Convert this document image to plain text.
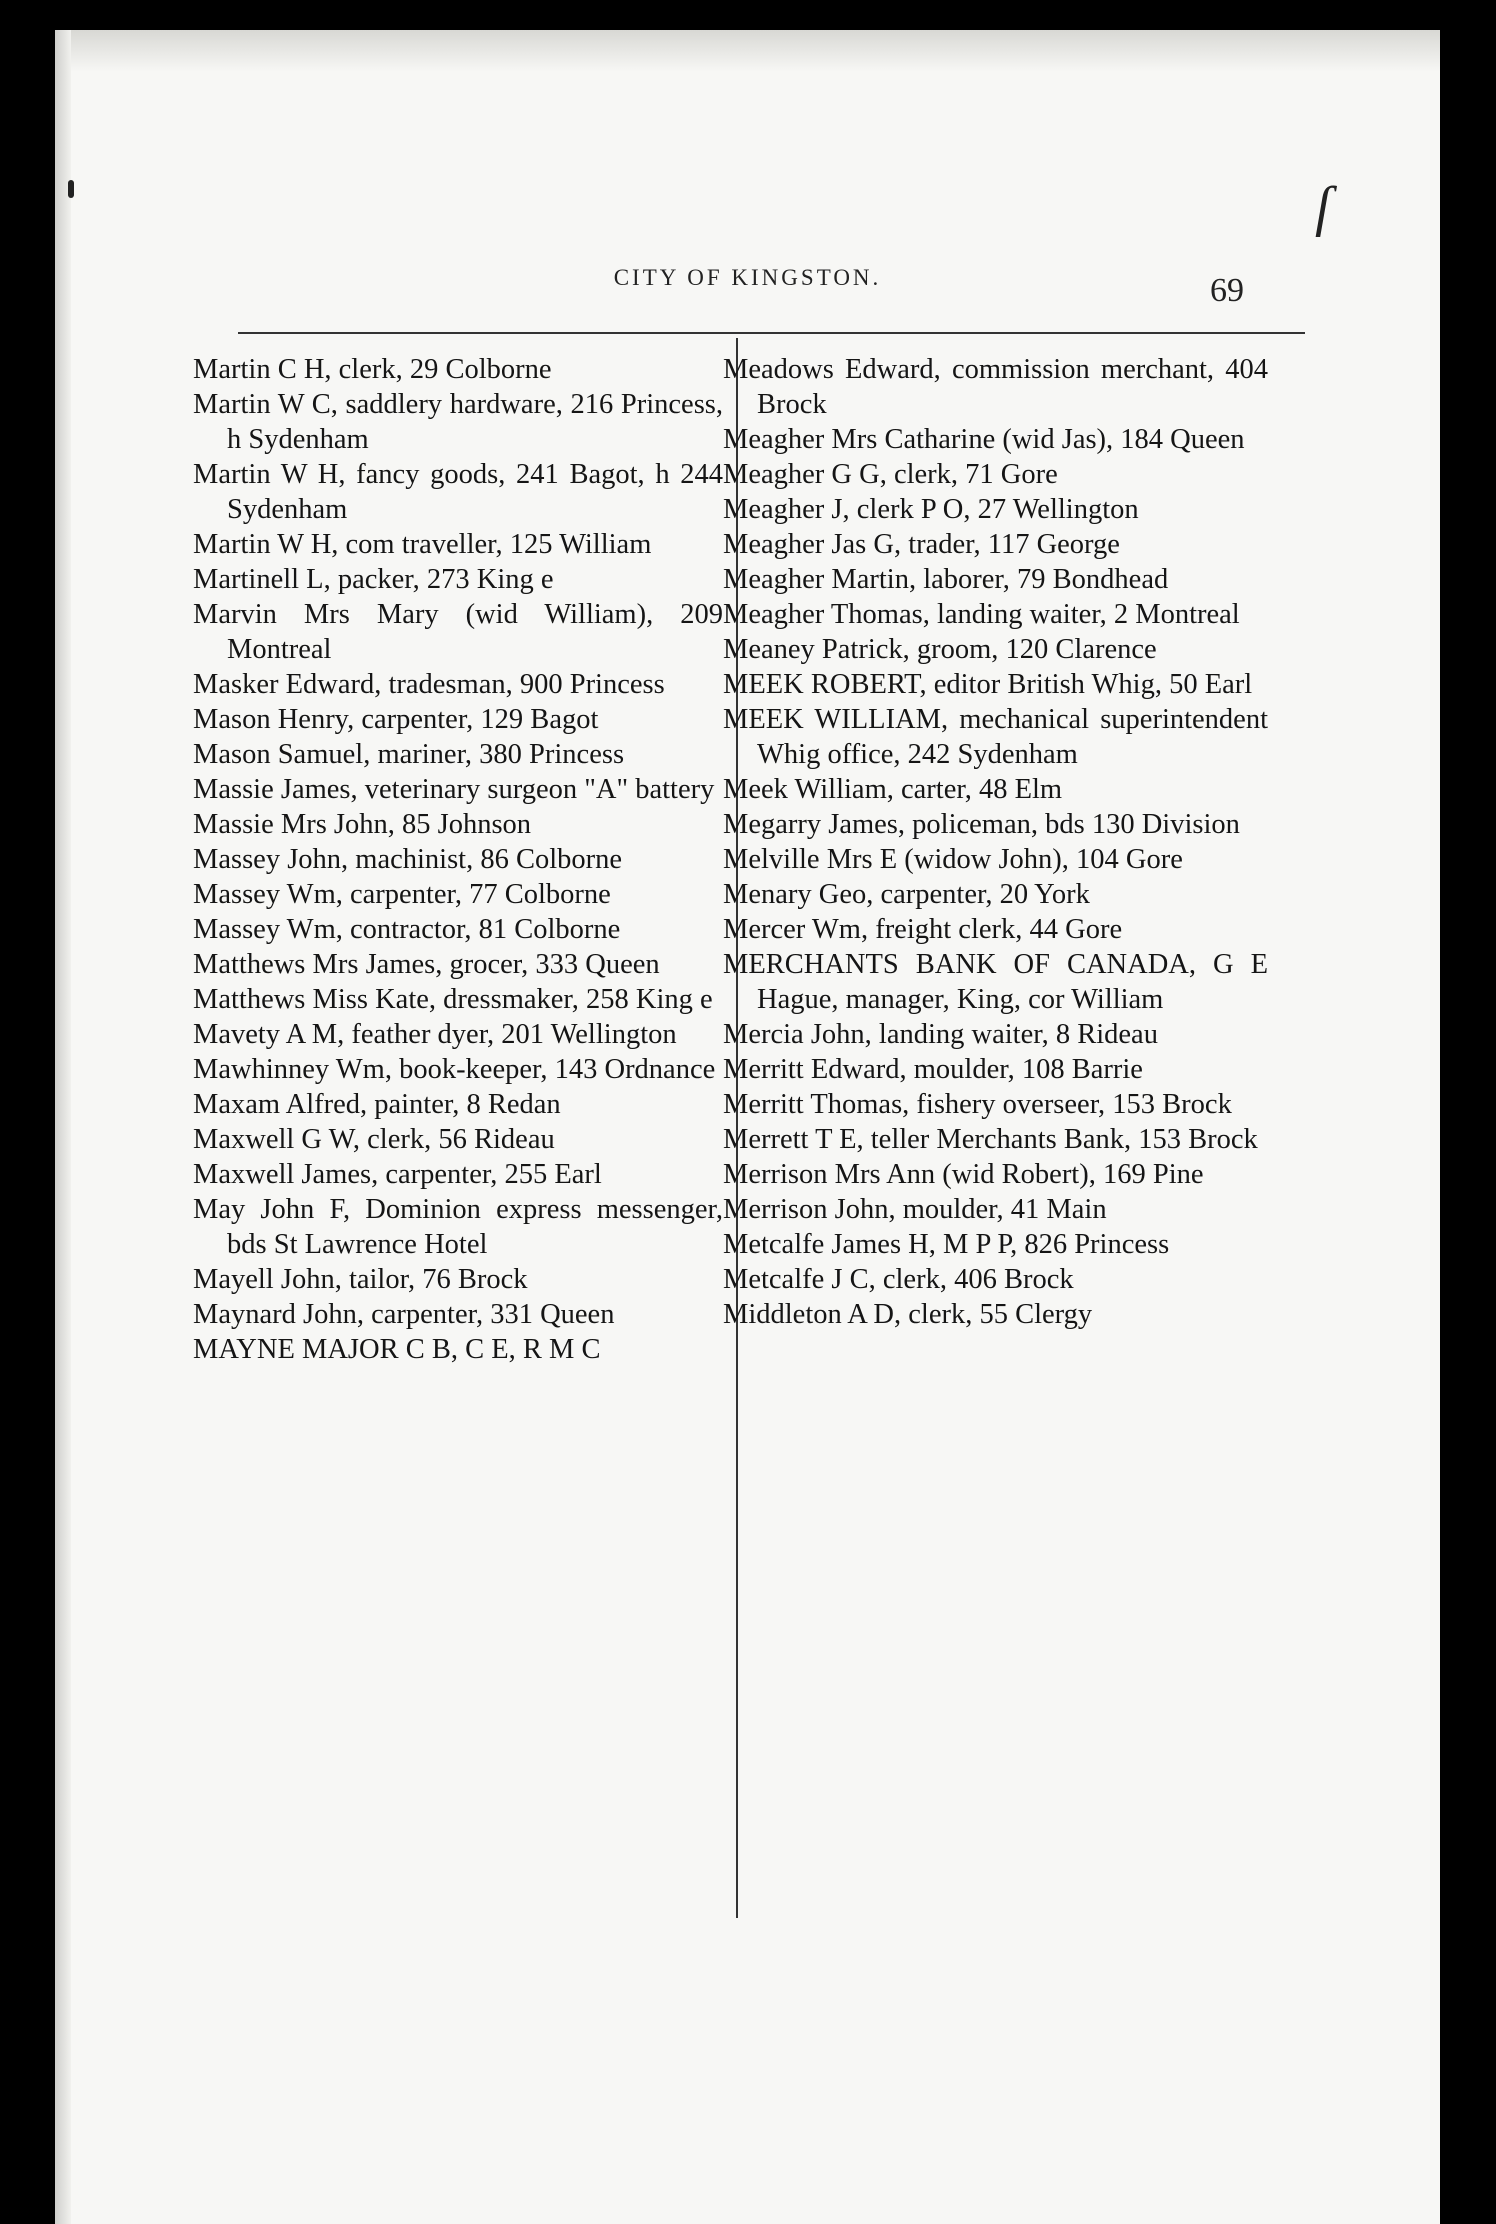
ſ
CITY OF KINGSTON.	69

Martin C H, clerk, 29 Colborne

Martin W C, saddlery hardware, 216 Princess, h Sydenham

Martin W H, fancy goods, 241 Bagot, h 244 Sydenham

Martin W H, com traveller, 125 William

Martinell L, packer, 273 King e

Marvin Mrs Mary (wid William), 209 Montreal

Masker Edward, tradesman, 900 Princess

Mason Henry, carpenter, 129 Bagot

Mason Samuel, mariner, 380 Princess

Massie James, veterinary surgeon "A" battery

Massie Mrs John, 85 Johnson

Massey John, machinist, 86 Colborne

Massey Wm, carpenter, 77 Colborne

Massey Wm, contractor, 81 Colborne

Matthews Mrs James, grocer, 333 Queen

Matthews Miss Kate, dressmaker, 258 King e

Mavety A M, feather dyer, 201 Wellington

Mawhinney Wm, book-keeper, 143 Ordnance

Maxam Alfred, painter, 8 Redan

Maxwell G W, clerk, 56 Rideau

Maxwell James, carpenter, 255 Earl

May John F, Dominion express messenger, bds St Lawrence Hotel

Mayell John, tailor, 76 Brock

Maynard John, carpenter, 331 Queen

MAYNE MAJOR C B, C E, R M C

Meadows Edward, commission merchant, 404 Brock

Meagher Mrs Catharine (wid Jas), 184 Queen

Meagher G G, clerk, 71 Gore

Meagher J, clerk P O, 27 Wellington

Meagher Jas G, trader, 117 George

Meagher Martin, laborer, 79 Bondhead

Meagher Thomas, landing waiter, 2 Montreal

Meaney Patrick, groom, 120 Clarence

MEEK ROBERT, editor British Whig, 50 Earl

MEEK WILLIAM, mechanical superintendent Whig office, 242 Sydenham

Meek William, carter, 48 Elm

Megarry James, policeman, bds 130 Division

Melville Mrs E (widow John), 104 Gore

Menary Geo, carpenter, 20 York

Mercer Wm, freight clerk, 44 Gore

MERCHANTS BANK OF CANADA, G E Hague, manager, King, cor William

Mercia John, landing waiter, 8 Rideau

Merritt Edward, moulder, 108 Barrie

Merritt Thomas, fishery overseer, 153 Brock

Merrett T E, teller Merchants Bank, 153 Brock

Merrison Mrs Ann (wid Robert), 169 Pine

Merrison John, moulder, 41 Main

Metcalfe James H, M P P, 826 Princess

Metcalfe J C, clerk, 406 Brock

Middleton A D, clerk, 55 Clergy
